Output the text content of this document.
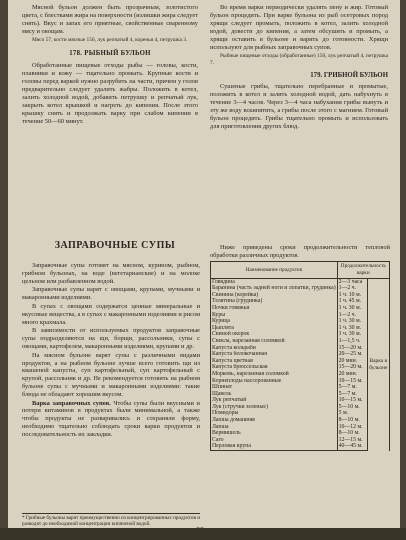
Мясной бульон должен быть прозрачным, золотистого цвета, с блестками жира на поверхности (излишки жира следует снять). Вкус и запах его приятные, свойственные сваренному мясу и овощам.

Мясо 57, кости мясные 150, лук репчатый 4, коренья 4, петрушка 3.

178. РЫБНЫЙ БУЛЬОН

Обработанные пищевые отходы рыбы — головы, кости, плавники и кожу — тщательно промыть. Крупные кости и головы перед варкой нужно разрубить на части, причем у голов предварительно следует удалить жабры. Положить в котел, залить холодной водой, добавить петрушку и репчатый лук, закрыть котел крышкой и нагреть до кипения. После этого крышку снять и продолжать варку при слабом кипении в течение 50—60 минут.

Во время варки периодически удалять пену и жир. Готовый бульон процедить. При варке бульона из рыб осетровых пород хрящи следует промыть, положить в котел, залить холодной водой, довести до кипения, а затем обсушить и промыть, а хрящи оставить в бульоне и варить до готовности. Хрящи используют для рыбных заправочных супов.

Рыбные пищевые отходы (обработанные) 150, лук репчатый 4, петрушка 7.

179. ГРИБНОЙ БУЛЬОН

Сушеные грибы, тщательно перебранные и промытые, положить в котел и залить холодной водой, дать набухнуть в течение 3—4 часов. Через 3—4 часа набухания грибы вынуть и эту же воду вскипятить, а грибы после этого с магнием. Готовый бульон процедить. Грибы тщательно промыть и использовать для приготовления других блюд.

ЗАПРАВОЧНЫЕ СУПЫ

Заправочные супы готовят на мясном, курином, рыбном, грибном бульонах, на воде (вегетарианские) и на молоке цельном или разбавленном водой.

Заправочные супы варят с овощами, крупами, мучными и макаронными изделиями.

В супах с овощами содержатся ценные минеральные и вкусовые вещества, а в супах с макаронными изделиями и рисом много крахмала.

В зависимости от используемых продуктов заправочные супы подразделяются на щи, борщи, рассольники, супы с овощами, картофелем, макаронными изделиями, крупами и др.

На мясном бульоне варят супы с различными видами продуктов, а на рыбном бульоне лучше всего готовить щи из квашеной капусты, суп картофельный, суп картофельный с крупой, рассольник и др. Не рекомендуется готовить на рыбном бульоне супы с мучными и макаронными изделиями: такие блюда не обладают хорошим вкусом.

Варка заправочных супов. Чтобы супы были вкусными и потери витаминов в продуктах были минимальной, а также чтобы продукты не разваривались и сохраняли форму, необходимо тщательно соблюдать сроки варки продуктов и последовательность их закладки.

* Грибные бульоны варят преимущественно из концентрированных продуктов и разводят до необходимой концентрации кипяченой водой.

Ниже приведены сроки продолжительности тепловой обработки различных продуктов.

Наименование продуктов	Продолжительность варки	
Говядина	2—3 часа	Варка в бульоне
Баранина (часть задней ноги и лопатки, грудинка)	1—2 ч.	
Свинина (корейка)	1 ч. 10 м.	
Телятина (грудинка)	1 ч. 45 м.	
Почки говяжьи	1 ч. 30 м.	
Куры	1—2 ч.	
Курица	1 ч. 30 м.	
Цыплята	1 ч. 30 м.	
Свиной окорок	1 ч. 30 м.	
Свекла, нарезанная соломкой	1—1,5 ч.	
Капуста кольраби	15—20 м.	
Капуста белокочанная	20—25 м.	
Капуста цветная	20 мин.	
Капуста брюссельская	15—20 м.	
Морковь, нарезанная соломкой	20 мин.	
Корнеплоды пассерованные	10—15 м.	
Шпинат	5—7 м.	
Щавель	5—7 м.	
Лук репчатый	10—15 м.	
Лук (стручки зеленые)	5—10 м.	
Помидоры	5 м.	
Лапша домашняя	8—10 м.	
Лапша	10—12 м.	
Вермишель	8—10 м.	
Саго	12—15 м.	
Перловая крупа	40—45 м.	
